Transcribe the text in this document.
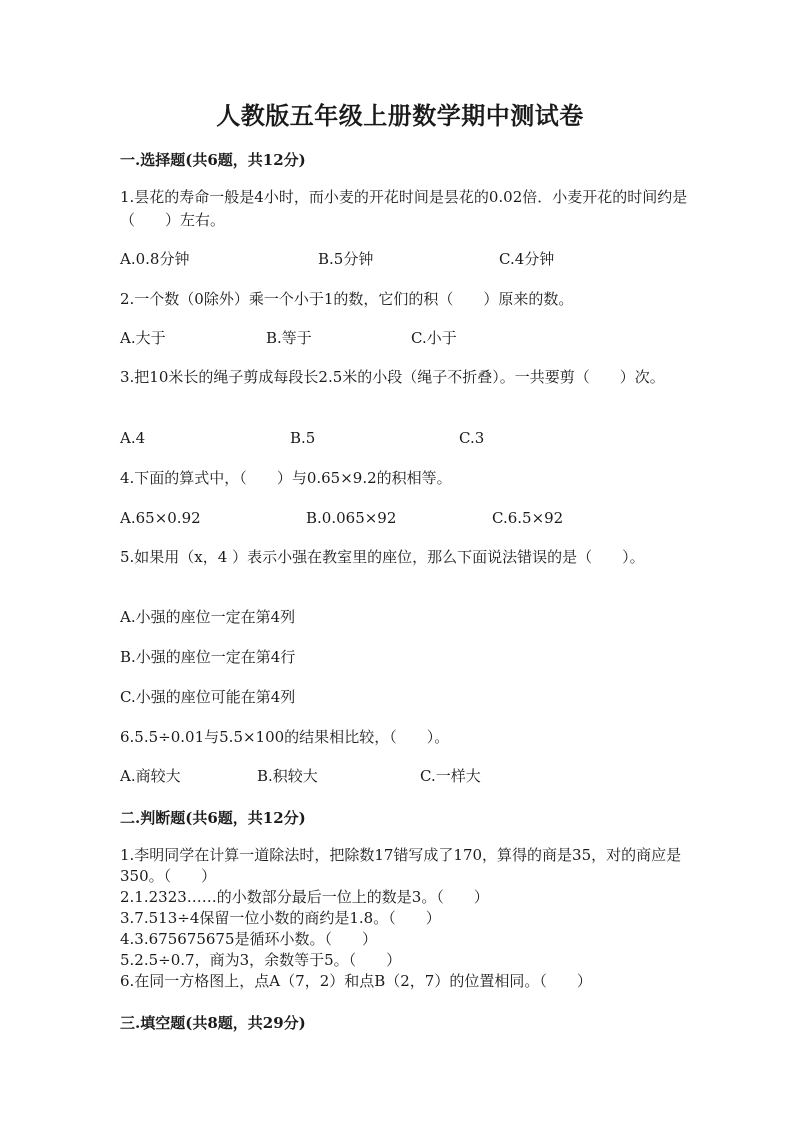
人教版五年级上册数学期中测试卷
一.选择题(共6题，共12分)
1.昙花的寿命一般是4小时，而小麦的开花时间是昙花的0.02倍．小麦开花的时间约是（　　）左右。
A.0.8分钟	B.5分钟	C.4分钟
2.一个数（0除外）乘一个小于1的数，它们的积（　　）原来的数。
A.大于	B.等于	C.小于
3.把10米长的绳子剪成每段长2.5米的小段（绳子不折叠）。一共要剪（　　）次。
A.4	B.5	C.3
4.下面的算式中，（　　）与0.65×9.2的积相等。
A.65×0.92	B.0.065×92	C.6.5×92
5.如果用（x，4 ）表示小强在教室里的座位，那么下面说法错误的是（　　）。
A.小强的座位一定在第4列
B.小强的座位一定在第4行
C.小强的座位可能在第4列
6.5.5÷0.01与5.5×100的结果相比较，（　　）。
A.商较大	B.积较大	C.一样大
二.判断题(共6题，共12分)
1.李明同学在计算一道除法时，把除数17错写成了170，算得的商是35，对的商应是350。（　　）
2.1.2323……的小数部分最后一位上的数是3。（　　）
3.7.513÷4保留一位小数的商约是1.8。（　　）
4.3.675675675是循环小数。（　　）
5.2.5÷0.7，商为3，余数等于5。（　　）
6.在同一方格图上，点A（7，2）和点B（2，7）的位置相同。（　　）
三.填空题(共8题，共29分)
